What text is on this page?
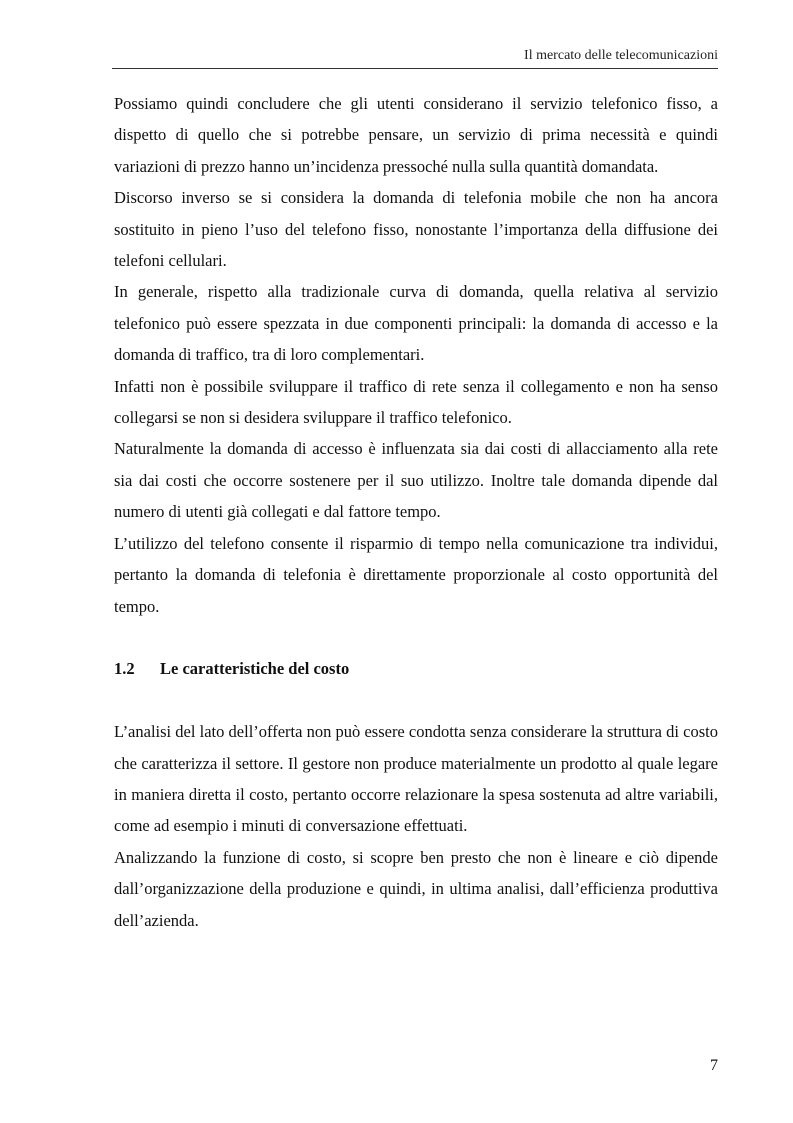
Il mercato delle telecomunicazioni

Possiamo quindi concludere che gli utenti considerano il servizio telefonico fisso, a dispetto di quello che si potrebbe pensare, un servizio di prima necessità e quindi variazioni di prezzo hanno un’incidenza pressoché nulla sulla quantità domandata.

Discorso inverso se si considera la domanda di telefonia mobile che non ha ancora sostituito in pieno l’uso del telefono fisso, nonostante l’importanza della diffusione dei telefoni cellulari.

In generale, rispetto alla tradizionale curva di domanda, quella relativa al servizio telefonico può essere spezzata in due componenti principali: la domanda di accesso e la domanda di traffico, tra di loro complementari.

Infatti non è possibile sviluppare il traffico di rete senza il collegamento e non ha senso collegarsi se non si desidera sviluppare il traffico telefonico.

Naturalmente la domanda di accesso è influenzata sia dai costi di allacciamento alla rete sia dai costi che occorre sostenere per il suo utilizzo. Inoltre tale domanda dipende dal numero di utenti già collegati e dal fattore tempo.

L’utilizzo del telefono consente il risparmio di tempo nella comunicazione tra individui, pertanto la domanda di telefonia è direttamente proporzionale al costo opportunità del tempo.

1.2	Le caratteristiche del costo

L’analisi del lato dell’offerta non può essere condotta senza considerare la struttura di costo che caratterizza il settore. Il gestore non produce materialmente un prodotto al quale legare in maniera diretta il costo, pertanto occorre relazionare la spesa sostenuta ad altre variabili, come ad esempio i minuti di conversazione effettuati.

Analizzando la funzione di costo, si scopre ben presto che non è lineare e ciò dipende dall’organizzazione della produzione e quindi, in ultima analisi, dall’efficienza produttiva dell’azienda.

7
